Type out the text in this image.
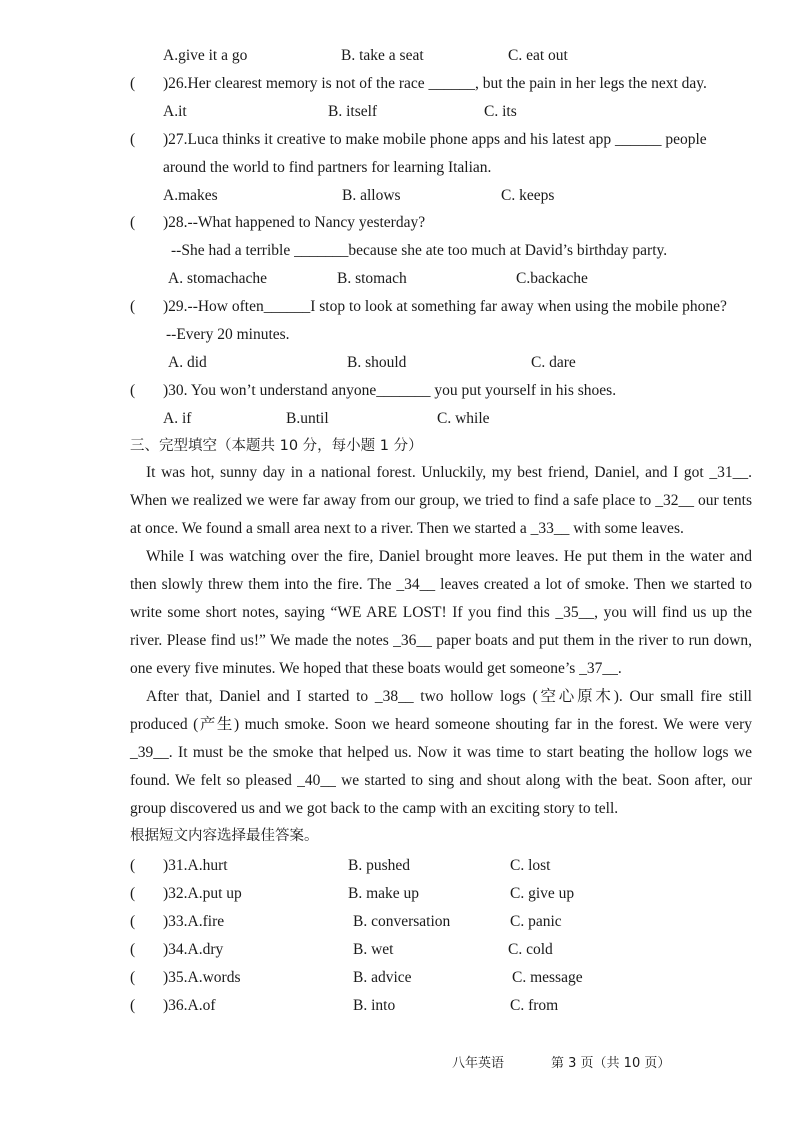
A.give it a go	B. take a seat	C. eat out
( )26.Her clearest memory is not of the race ______, but the pain in her legs the next day.
A.it	B. itself	C. its
( )27.Luca thinks it creative to make mobile phone apps and his latest app ______ people
around the world to find partners for learning Italian.
A.makes	B. allows	C. keeps
( )28.--What happened to Nancy yesterday?
--She had a terrible _______because she ate too much at David’s birthday party.
A. stomachache	B. stomach	C.backache
( )29.--How often______I stop to look at something far away when using the mobile phone?
--Every 20 minutes.
A. did	B. should	C. dare
( )30. You won’t understand anyone_______ you put yourself in his shoes.
A. if	B.until	C. while
三、完型填空（本题共 10 分，每小题 1 分）
It was hot, sunny day in a national forest. Unluckily, my best friend, Daniel, and I got _31__. When we realized we were far away from our group, we tried to find a safe place to _32__ our tents at once. We found a small area next to a river. Then we started a _33__ with some leaves.
While I was watching over the fire, Daniel brought more leaves. He put them in the water and then slowly threw them into the fire. The _34__ leaves created a lot of smoke. Then we started to write some short notes, saying “WE ARE LOST! If you find this _35__, you will find us up the river. Please find us!” We made the notes _36__ paper boats and put them in the river to run down, one every five minutes. We hoped that these boats would get someone’s _37__.
After that, Daniel and I started to _38__ two hollow logs (空心原木). Our small fire still produced (产生) much smoke. Soon we heard someone shouting far in the forest. We were very _39__. It must be the smoke that helped us. Now it was time to start beating the hollow logs we found. We felt so pleased _40__ we started to sing and shout along with the beat. Soon after, our group discovered us and we got back to the camp with an exciting story to tell.
根据短文内容选择最佳答案。
( )31.A.hurt	B. pushed	C. lost
( )32.A.put up	B. make up	C. give up
( )33.A.fire	B. conversation	C. panic
( )34.A.dry	B. wet	C. cold
( )35.A.words	B. advice	C. message
( )36.A.of	B. into	C. from
八年英语	第 3 页（共 10 页）
